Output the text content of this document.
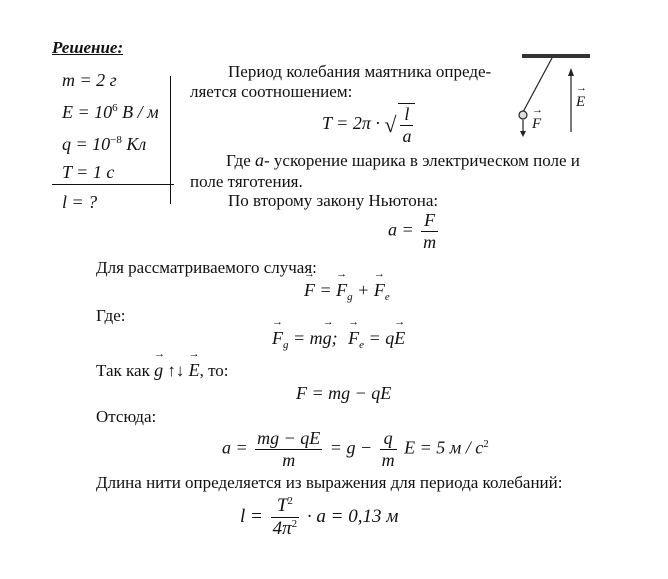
Решение:
m = 2 г
$E = 10^6$ В / м
$q = 10^{-8}$ Кл
T = 1 c
l = ?
Период колебания маятника опреде-
ляется соотношением:
T = 2π · √ $\frac{l}{a}$	→ F
→ E
Где a- ускорение шарика в электрическом поле и
поле тяготения.
По второму закону Ньютона:
$a = \frac{F}{m}$
Для рассматриваемого случая:
→ F = → $F_g$ + → $F_e$
Где:
→ $F_g = m\to g$; → $F_e = q\to E$
Так как → g ↑↓ → E, то:
F = mg − qE
Отсюда:
$a = \frac{mg - qE}{m} = g - \frac{q}{m}$ E = 5 м / $c^2$
Длина нити определяется из выражения для периода колебаний:
$l = \frac{T^2}{4\pi^2} \cdot a = 0,13$ м
